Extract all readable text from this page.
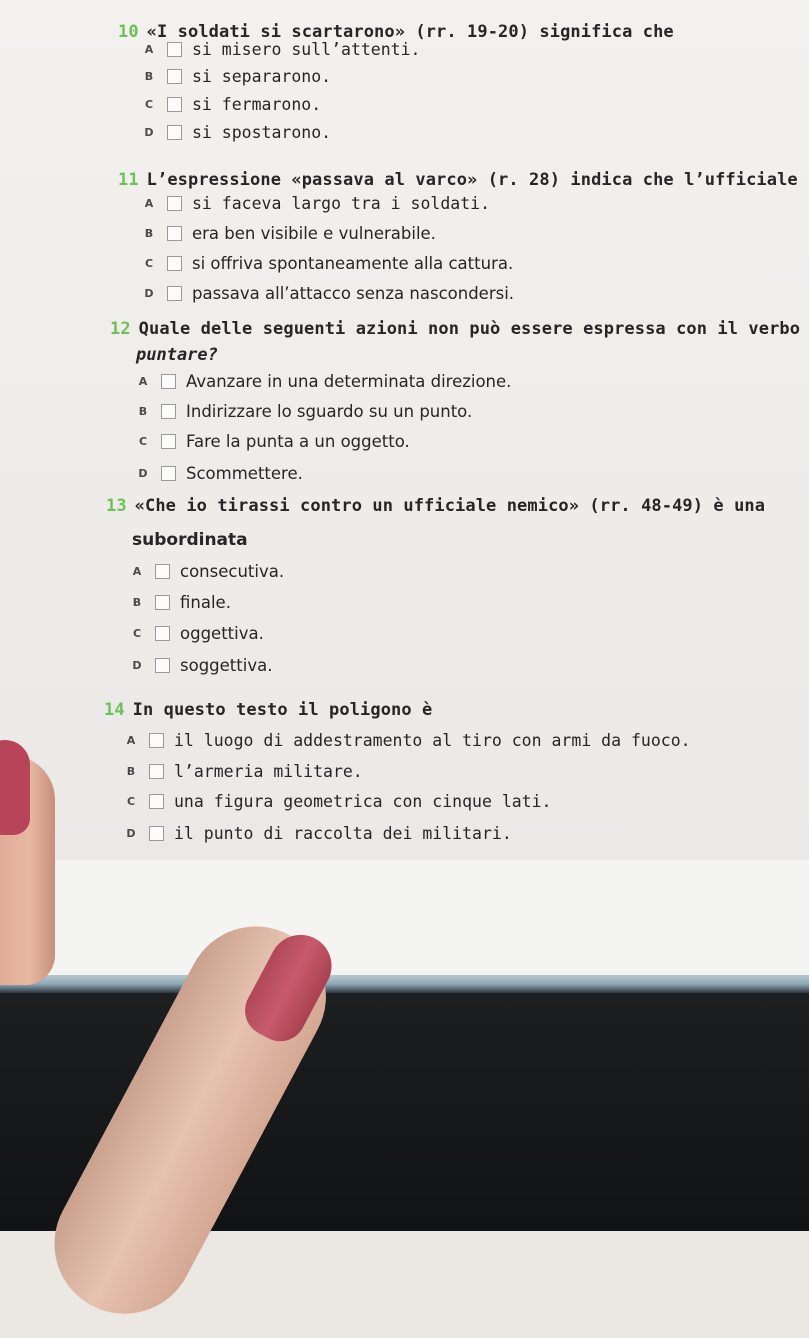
10 «I soldati si scartarono» (rr. 19-20) significa che
A si misero sull’attenti.
B si separarono.
C si fermarono.
D si spostarono.
11 L’espressione «passava al varco» (r. 28) indica che l’ufficiale
A si faceva largo tra i soldati.
B era ben visibile e vulnerabile.
C si offriva spontaneamente alla cattura.
D passava all’attacco senza nascondersi.
12 Quale delle seguenti azioni non può essere espressa con il verbo
puntare?
A Avanzare in una determinata direzione.
B Indirizzare lo sguardo su un punto.
C Fare la punta a un oggetto.
D Scommettere.
13 «Che io tirassi contro un ufficiale nemico» (rr. 48-49) è una
subordinata
A consecutiva.
B finale.
C oggettiva.
D soggettiva.
14 In questo testo il poligono è
A il luogo di addestramento al tiro con armi da fuoco.
B l’armeria militare.
C una figura geometrica con cinque lati.
D il punto di raccolta dei militari.
